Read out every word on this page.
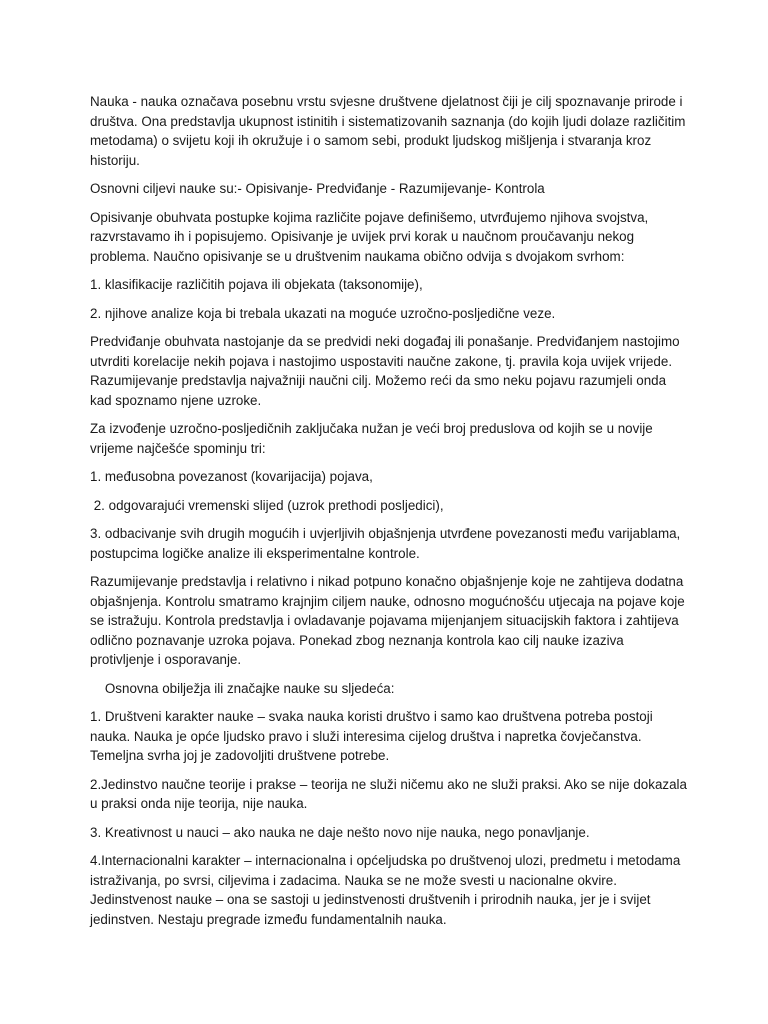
Nauka - nauka označava posebnu vrstu svjesne društvene djelatnost čiji je cilj spoznavanje prirode i društva. Ona predstavlja ukupnost istinitih i sistematizovanih saznanja (do kojih ljudi dolaze različitim metodama) o svijetu koji ih okružuje i o samom sebi, produkt ljudskog mišljenja i stvaranja kroz historiju.

Osnovni ciljevi nauke su:- Opisivanje- Predviđanje - Razumijevanje- Kontrola

Opisivanje obuhvata postupke kojima različite pojave definišemo, utvrđujemo njihova svojstva, razvrstavamo ih i popisujemo. Opisivanje je uvijek prvi korak u naučnom proučavanju nekog problema. Naučno opisivanje se u društvenim naukama obično odvija s dvojakom svrhom:

1. klasifikacije različitih pojava ili objekata (taksonomije),

2. njihove analize koja bi trebala ukazati na moguće uzročno-posljedične veze.

Predviđanje obuhvata nastojanje da se predvidi neki događaj ili ponašanje. Predviđanjem nastojimo utvrditi korelacije nekih pojava i nastojimo uspostaviti naučne zakone, tj. pravila koja uvijek vrijede. Razumijevanje predstavlja najvažniji naučni cilj. Možemo reći da smo neku pojavu razumjeli onda kad spoznamo njene uzroke.

Za izvođenje uzročno-posljedičnih zaključaka nužan je veći broj preduslova od kojih se u novije vrijeme najčešće spominju tri:

1. međusobna povezanost (kovarijacija) pojava,

2. odgovarajući vremenski slijed (uzrok prethodi posljedici),

3. odbacivanje svih drugih mogućih i uvjerljivih objašnjenja utvrđene povezanosti među varijablama, postupcima logičke analize ili eksperimentalne kontrole.

Razumijevanje predstavlja i relativno i nikad potpuno konačno objašnjenje koje ne zahtijeva dodatna objašnjenja. Kontrolu smatramo krajnjim ciljem nauke, odnosno mogućnošću utjecaja na pojave koje se istražuju. Kontrola predstavlja i ovladavanje pojavama mijenjanjem situacijskih faktora i zahtijeva odlično poznavanje uzroka pojava. Ponekad zbog neznanja kontrola kao cilj nauke izaziva protivljenje i osporavanje.

Osnovna obilježja ili značajke nauke su sljedeća:

1. Društveni karakter nauke – svaka nauka koristi društvo i samo kao društvena potreba postoji nauka. Nauka je opće ljudsko pravo i služi interesima cijelog društva i napretka čovječanstva. Temeljna svrha joj je zadovoljiti društvene potrebe.

2.Jedinstvo naučne teorije i prakse – teorija ne služi ničemu ako ne služi praksi. Ako se nije dokazala u praksi onda nije teorija, nije nauka.

3. Kreativnost u nauci – ako nauka ne daje nešto novo nije nauka, nego ponavljanje.

4.Internacionalni karakter – internacionalna i općeljudska po društvenoj ulozi, predmetu i metodama istraživanja, po svrsi, ciljevima i zadacima. Nauka se ne može svesti u nacionalne okvire. Jedinstvenost nauke – ona se sastoji u jedinstvenosti društvenih i prirodnih nauka, jer je i svijet jedinstven. Nestaju pregrade između fundamentalnih nauka.
